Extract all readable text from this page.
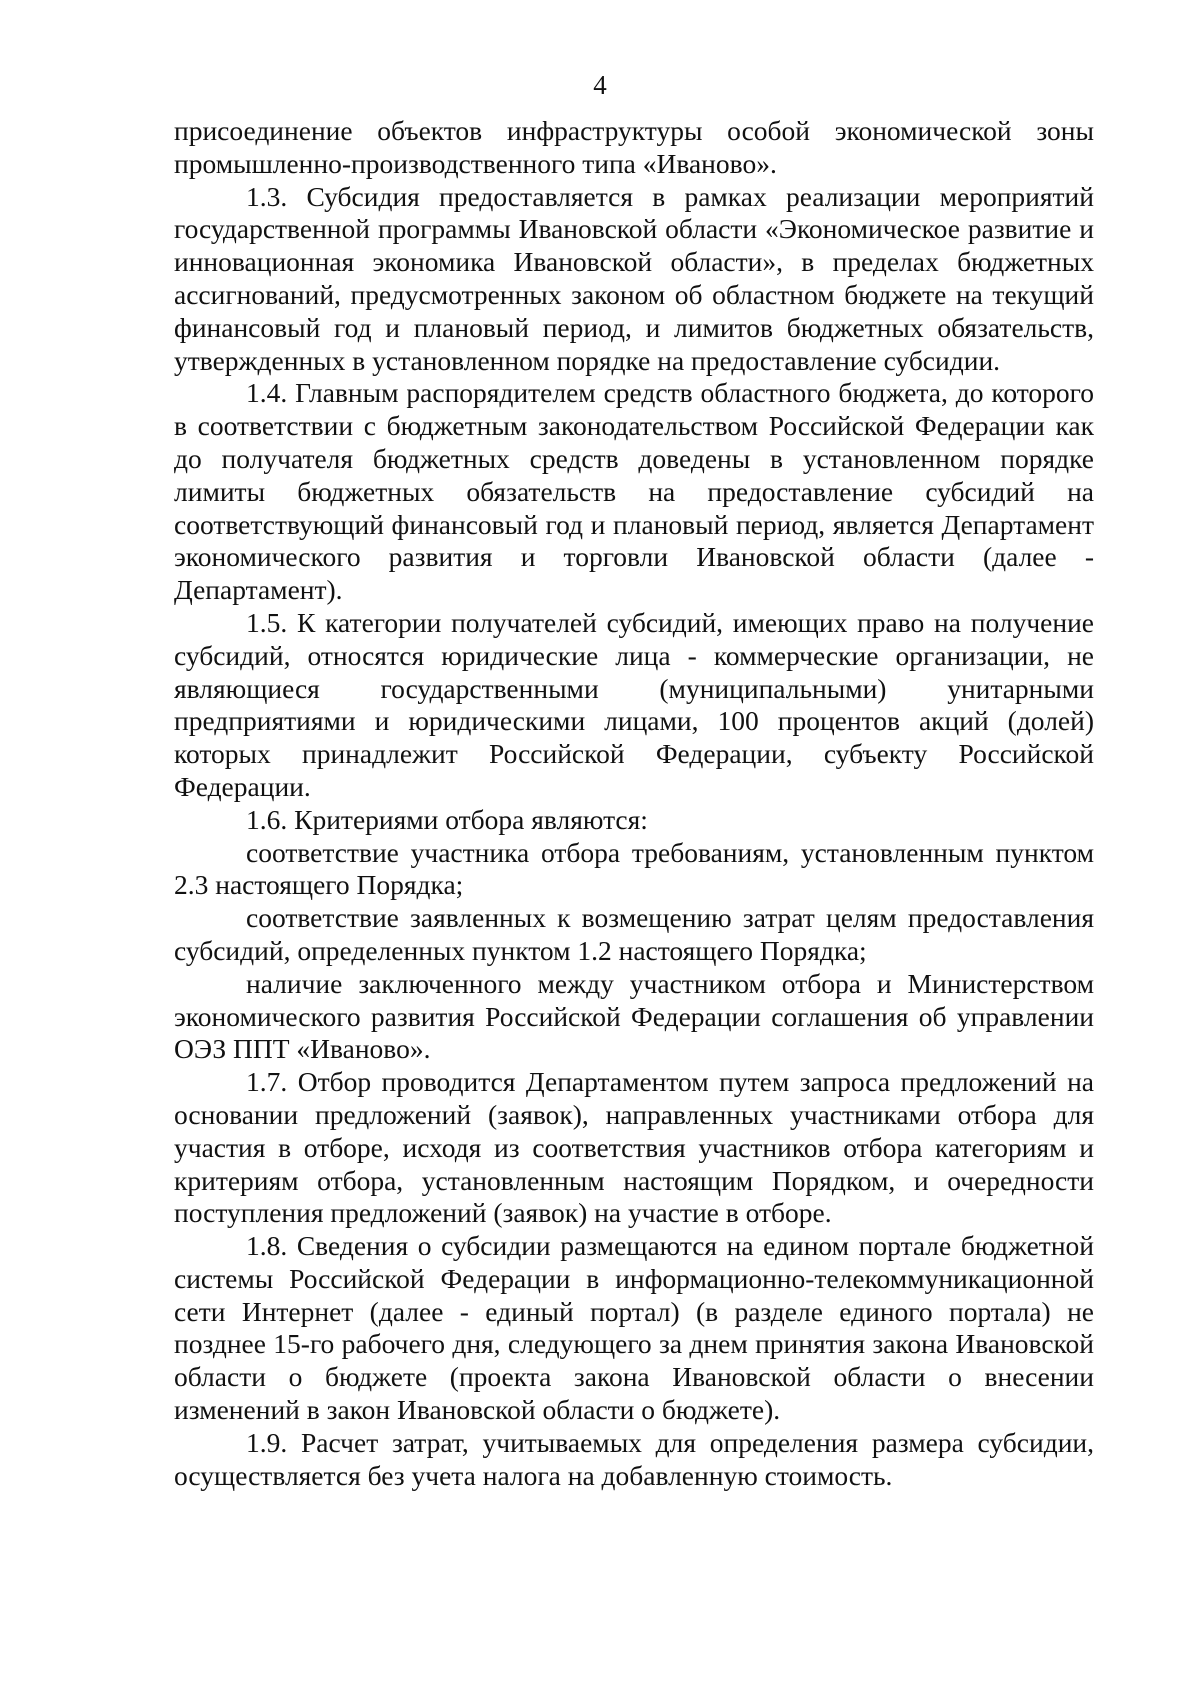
4

присоединение объектов инфраструктуры особой экономической зоны промышленно-производственного типа «Иваново».

1.3. Субсидия предоставляется в рамках реализации мероприятий государственной программы Ивановской области «Экономическое развитие и инновационная экономика Ивановской области», в пределах бюджетных ассигнований, предусмотренных законом об областном бюджете на текущий финансовый год и плановый период, и лимитов бюджетных обязательств, утвержденных в установленном порядке на предоставление субсидии.

1.4. Главным распорядителем средств областного бюджета, до которого в соответствии с бюджетным законодательством Российской Федерации как до получателя бюджетных средств доведены в установленном порядке лимиты бюджетных обязательств на предоставление субсидий на соответствующий финансовый год и плановый период, является Департамент экономического развития и торговли Ивановской области (далее - Департамент).

1.5. К категории получателей субсидий, имеющих право на получение субсидий, относятся юридические лица - коммерческие организации, не являющиеся государственными (муниципальными) унитарными предприятиями и юридическими лицами, 100 процентов акций (долей) которых принадлежит Российской Федерации, субъекту Российской Федерации.

1.6. Критериями отбора являются:

соответствие участника отбора требованиям, установленным пунктом 2.3 настоящего Порядка;

соответствие заявленных к возмещению затрат целям предоставления субсидий, определенных пунктом 1.2 настоящего Порядка;

наличие заключенного между участником отбора и Министерством экономического развития Российской Федерации соглашения об управлении ОЭЗ ППТ «Иваново».

1.7. Отбор проводится Департаментом путем запроса предложений на основании предложений (заявок), направленных участниками отбора для участия в отборе, исходя из соответствия участников отбора категориям и критериям отбора, установленным настоящим Порядком, и очередности поступления предложений (заявок) на участие в отборе.

1.8. Сведения о субсидии размещаются на едином портале бюджетной системы Российской Федерации в информационно-телекоммуникационной сети Интернет (далее - единый портал) (в разделе единого портала) не позднее 15-го рабочего дня, следующего за днем принятия закона Ивановской области о бюджете (проекта закона Ивановской области о внесении изменений в закон Ивановской области о бюджете).

1.9. Расчет затрат, учитываемых для определения размера субсидии, осуществляется без учета налога на добавленную стоимость.
